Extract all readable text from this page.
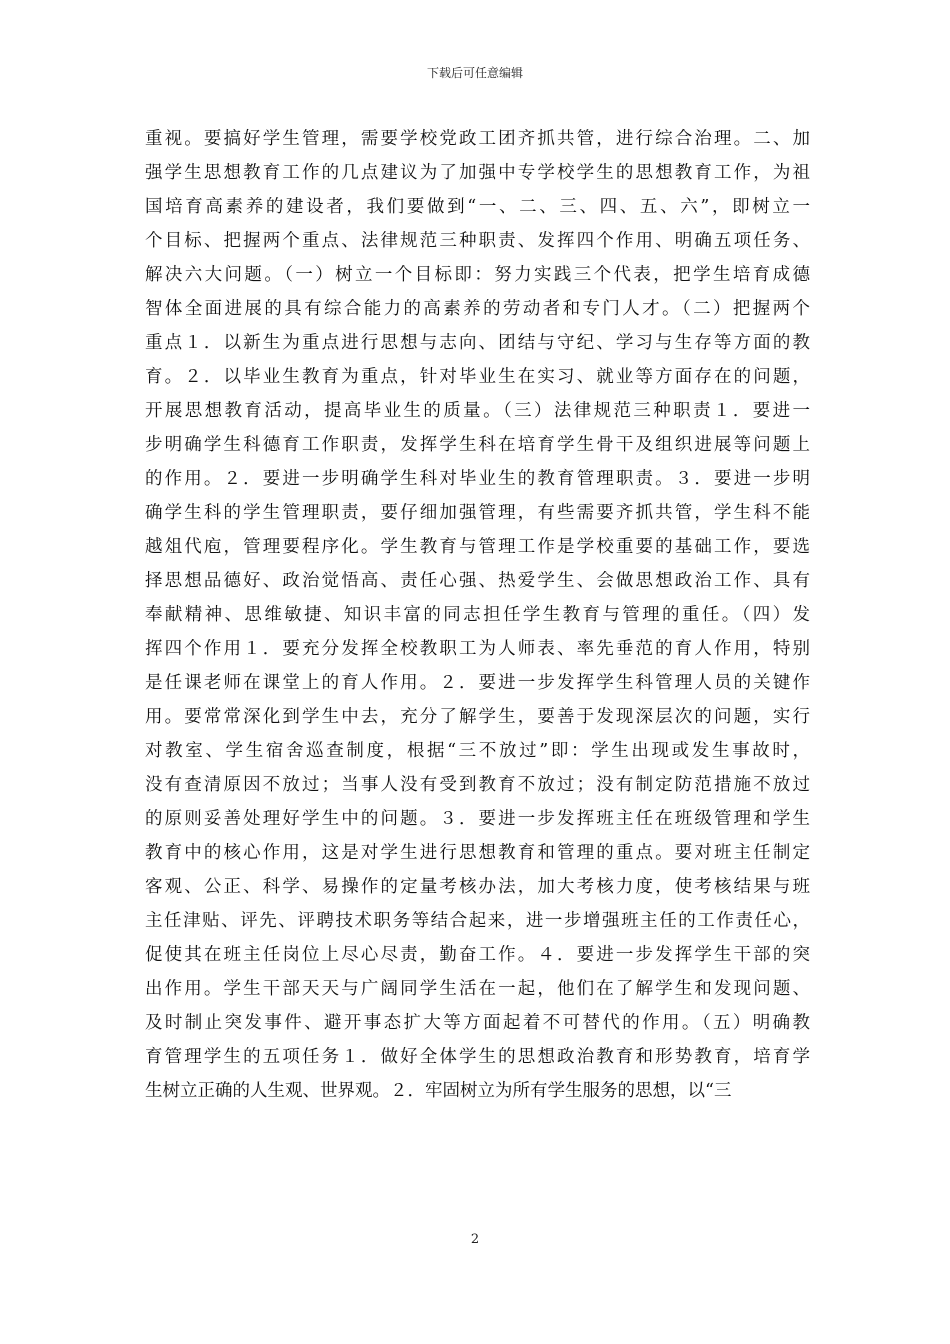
下载后可任意编辑
重视。要搞好学生管理，需要学校党政工团齐抓共管，进行综合治理。二、加
强学生思想教育工作的几点建议为了加强中专学校学生的思想教育工作，为祖
国培育高素养的建设者，我们要做到“一、二、三、四、五、六”，即树立一
个目标、把握两个重点、法律规范三种职责、发挥四个作用、明确五项任务、
解决六大问题。（一）树立一个目标即：努力实践三个代表，把学生培育成德
智体全面进展的具有综合能力的高素养的劳动者和专门人才。（二）把握两个
重点１．以新生为重点进行思想与志向、团结与守纪、学习与生存等方面的教
育。２．以毕业生教育为重点，针对毕业生在实习、就业等方面存在的问题，
开展思想教育活动，提高毕业生的质量。（三）法律规范三种职责１．要进一
步明确学生科德育工作职责，发挥学生科在培育学生骨干及组织进展等问题上
的作用。２．要进一步明确学生科对毕业生的教育管理职责。３．要进一步明
确学生科的学生管理职责，要仔细加强管理，有些需要齐抓共管，学生科不能
越俎代庖，管理要程序化。学生教育与管理工作是学校重要的基础工作，要选
择思想品德好、政治觉悟高、责任心强、热爱学生、会做思想政治工作、具有
奉献精神、思维敏捷、知识丰富的同志担任学生教育与管理的重任。（四）发
挥四个作用１．要充分发挥全校教职工为人师表、率先垂范的育人作用，特别
是任课老师在课堂上的育人作用。２．要进一步发挥学生科管理人员的关键作
用。要常常深化到学生中去，充分了解学生，要善于发现深层次的问题，实行
对教室、学生宿舍巡查制度，根据“三不放过”即：学生出现或发生事故时，
没有查清原因不放过；当事人没有受到教育不放过；没有制定防范措施不放过
的原则妥善处理好学生中的问题。３．要进一步发挥班主任在班级管理和学生
教育中的核心作用，这是对学生进行思想教育和管理的重点。要对班主任制定
客观、公正、科学、易操作的定量考核办法，加大考核力度，使考核结果与班
主任津贴、评先、评聘技术职务等结合起来，进一步增强班主任的工作责任心，
促使其在班主任岗位上尽心尽责，勤奋工作。４．要进一步发挥学生干部的突
出作用。学生干部天天与广阔同学生活在一起，他们在了解学生和发现问题、
及时制止突发事件、避开事态扩大等方面起着不可替代的作用。（五）明确教
育管理学生的五项任务１．做好全体学生的思想政治教育和形势教育，培育学
生树立正确的人生观、世界观。２．牢固树立为所有学生服务的思想，以“三
2
